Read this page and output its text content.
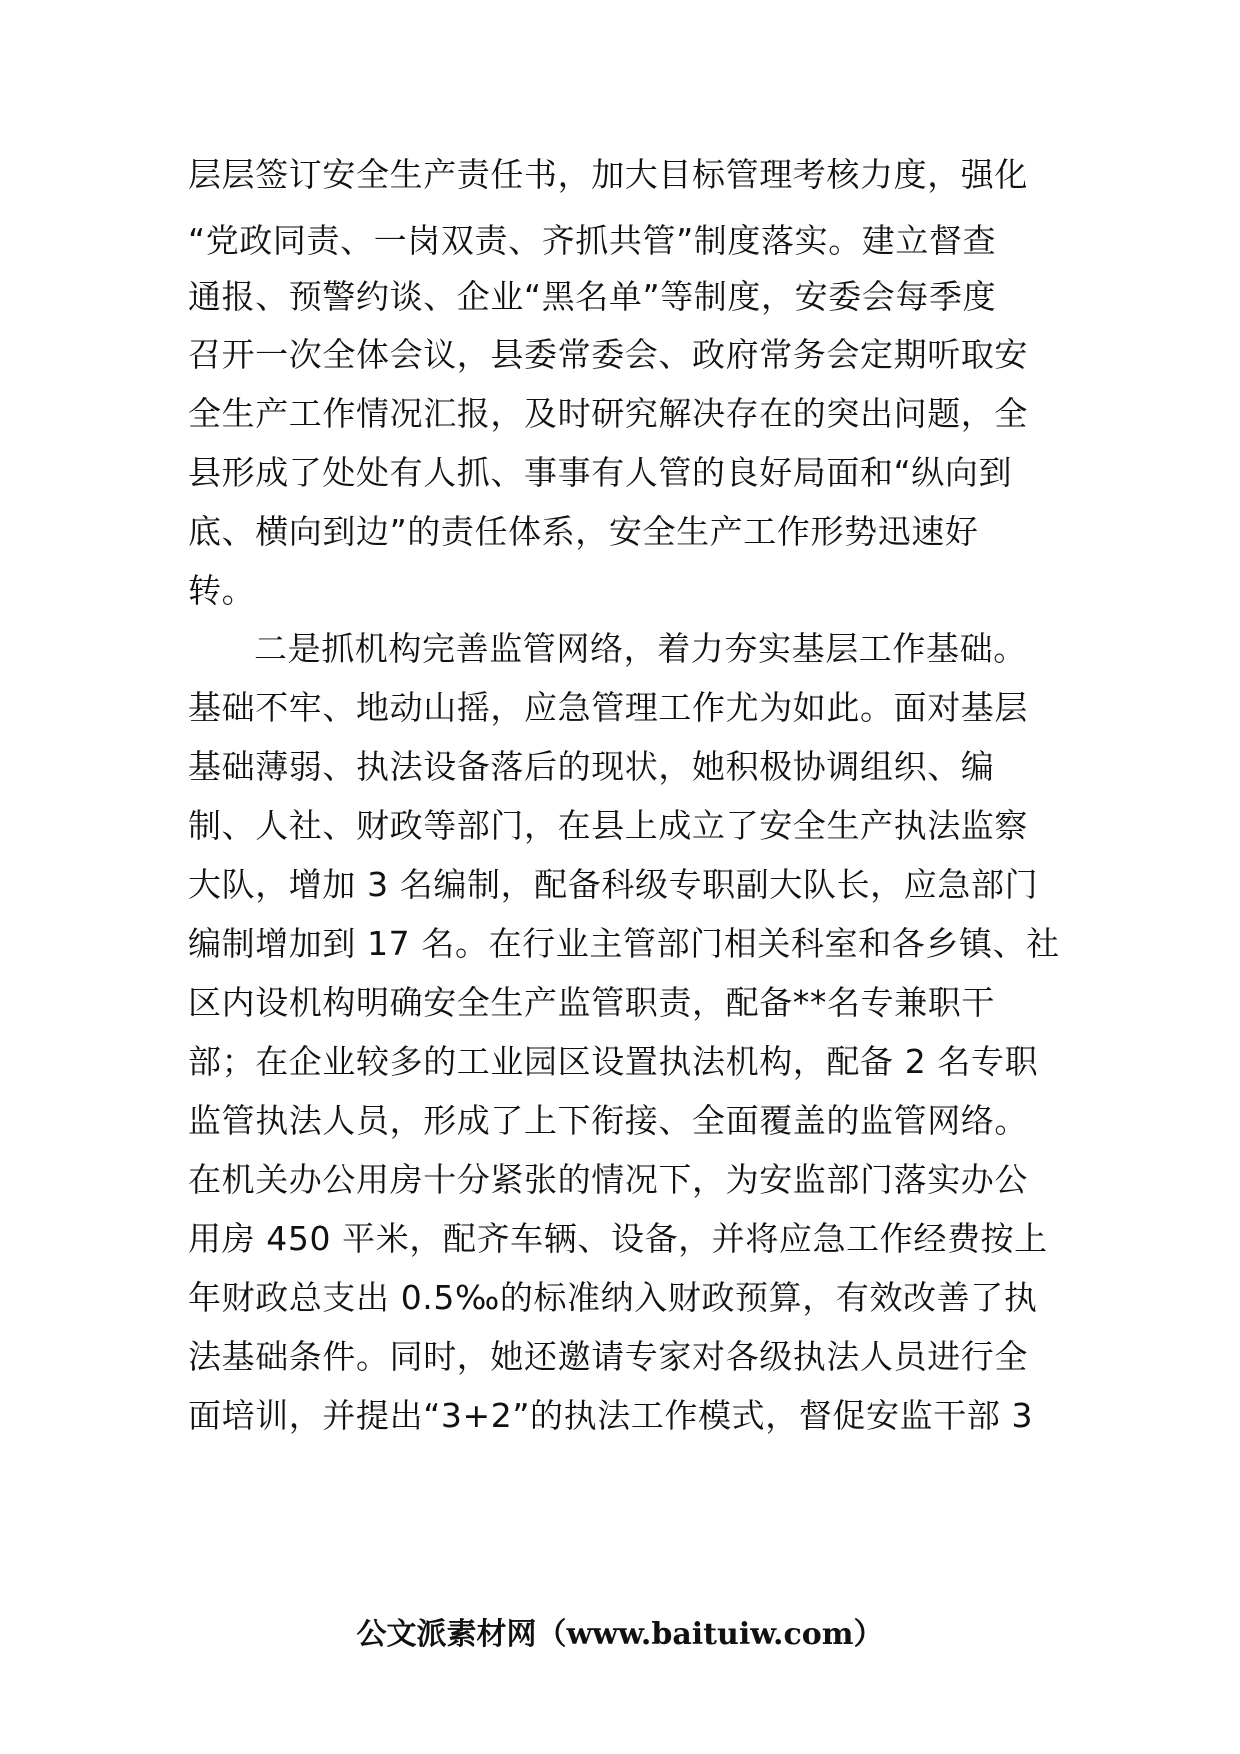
层层签订安全生产责任书，加大目标管理考核力度，强化
“党政同责、一岗双责、齐抓共管”制度落实。建立督查
通报、预警约谈、企业“黑名单”等制度，安委会每季度
召开一次全体会议，县委常委会、政府常务会定期听取安
全生产工作情况汇报，及时研究解决存在的突出问题，全
县形成了处处有人抓、事事有人管的良好局面和“纵向到
底、横向到边”的责任体系，安全生产工作形势迅速好
转。
二是抓机构完善监管网络，着力夯实基层工作基础。
基础不牢、地动山摇，应急管理工作尤为如此。面对基层
基础薄弱、执法设备落后的现状，她积极协调组织、编
制、人社、财政等部门，在县上成立了安全生产执法监察
大队，增加 3 名编制，配备科级专职副大队长，应急部门
编制增加到 17 名。在行业主管部门相关科室和各乡镇、社
区内设机构明确安全生产监管职责，配备**名专兼职干
部；在企业较多的工业园区设置执法机构，配备 2 名专职
监管执法人员，形成了上下衔接、全面覆盖的监管网络。
在机关办公用房十分紧张的情况下，为安监部门落实办公
用房 450 平米，配齐车辆、设备，并将应急工作经费按上
年财政总支出 0.5‰的标准纳入财政预算，有效改善了执
法基础条件。同时，她还邀请专家对各级执法人员进行全
面培训，并提出“3+2”的执法工作模式，督促安监干部 3
公文派素材网（www.baituiw.com）
